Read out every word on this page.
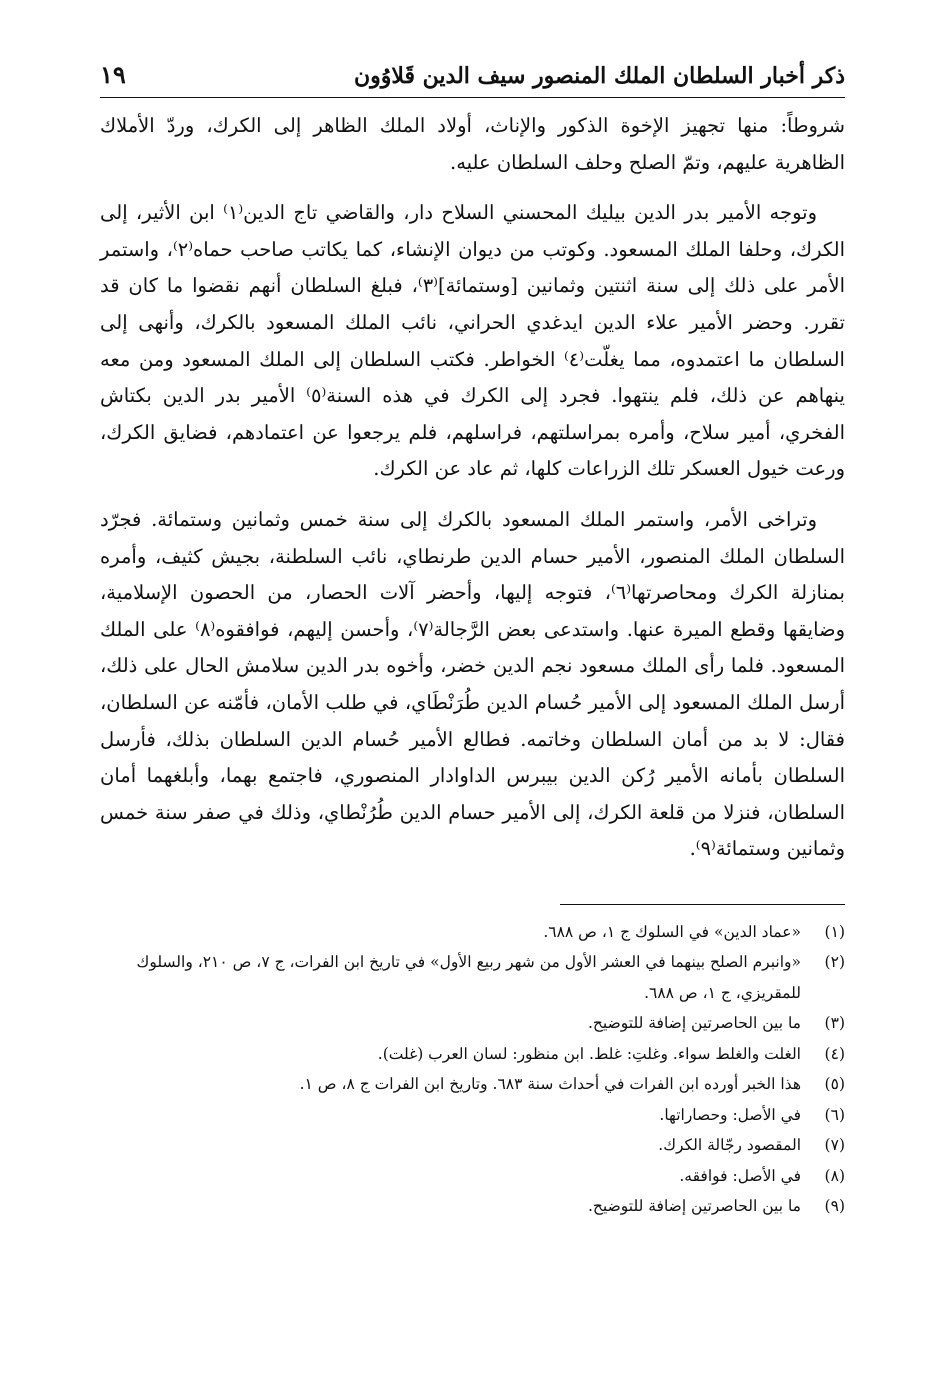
ذكر أخبار السلطان الملك المنصور سيف الدين قَلاوُون
١٩

شروطاً: منها تجهيز الإخوة الذكور والإناث، أولاد الملك الظاهر إلى الكرك، وردّ الأملاك الظاهرية عليهم، وتمّ الصلح وحلف السلطان عليه.

وتوجه الأمير بدر الدين بيليك المحسني السلاح دار، والقاضي تاج الدين⁽١⁾ ابن الأثير، إلى الكرك، وحلفا الملك المسعود. وكوتب من ديوان الإنشاء، كما يكاتب صاحب حماه⁽٢⁾، واستمر الأمر على ذلك إلى سنة اثنتين وثمانين [وستمائة]⁽٣⁾، فبلغ السلطان أنهم نقضوا ما كان قد تقرر. وحضر الأمير علاء الدين ايدغدي الحراني، نائب الملك المسعود بالكرك، وأنهى إلى السلطان ما اعتمدوه، مما يغلّت⁽٤⁾ الخواطر. فكتب السلطان إلى الملك المسعود ومن معه ينهاهم عن ذلك، فلم ينتهوا. فجرد إلى الكرك في هذه السنة⁽٥⁾ الأمير بدر الدين بكتاش الفخري، أمير سلاح، وأمره بمراسلتهم، فراسلهم، فلم يرجعوا عن اعتمادهم، فضايق الكرك، ورعت خيول العسكر تلك الزراعات كلها، ثم عاد عن الكرك.

وتراخى الأمر، واستمر الملك المسعود بالكرك إلى سنة خمس وثمانين وستمائة. فجرّد السلطان الملك المنصور، الأمير حسام الدين طرنطاي، نائب السلطنة، بجيش كثيف، وأمره بمنازلة الكرك ومحاصرتها⁽٦⁾، فتوجه إليها، وأحضر آلات الحصار، من الحصون الإسلامية، وضايقها وقطع الميرة عنها. واستدعى بعض الرَّجالة⁽٧⁾، وأحسن إليهم، فوافقوه⁽٨⁾ على الملك المسعود. فلما رأى الملك مسعود نجم الدين خضر، وأخوه بدر الدين سلامش الحال على ذلك، أرسل الملك المسعود إلى الأمير حُسام الدين طُرَنْطَاي، في طلب الأمان، فأمّنه عن السلطان، فقال: لا بد من أمان السلطان وخاتمه. فطالع الأمير حُسام الدين السلطان بذلك، فأرسل السلطان بأمانه الأمير رُكن الدين بيبرس الداوادار المنصوري، فاجتمع بهما، وأبلغهما أمان السلطان، فنزلا من قلعة الكرك، إلى الأمير حسام الدين طُرُنْطاي، وذلك في صفر سنة خمس وثمانين وستمائة⁽٩⁾.

(١)
«عماد الدين» في السلوك ج ١، ص ٦٨٨.
(٢)
«وانبرم الصلح بينهما في العشر الأول من شهر ربيع الأول» في تاريخ ابن الفرات، ج ٧، ص ٢١٠، والسلوك للمقريزي، ج ١، ص ٦٨٨.
(٣)
ما بين الحاصرتين إضافة للتوضيح.
(٤)
الغلت والغلط سواء. وغلتِ: غلط. ابن منظور: لسان العرب (غلت).
(٥)
هذا الخبر أورده ابن الفرات في أحداث سنة ٦٨٣. وتاريخ ابن الفرات ج ٨، ص ١.
(٦)
في الأصل: وحصاراتها.
(٧)
المقصود رجّالة الكرك.
(٨)
في الأصل: فوافقه.
(٩)
ما بين الحاصرتين إضافة للتوضيح.
